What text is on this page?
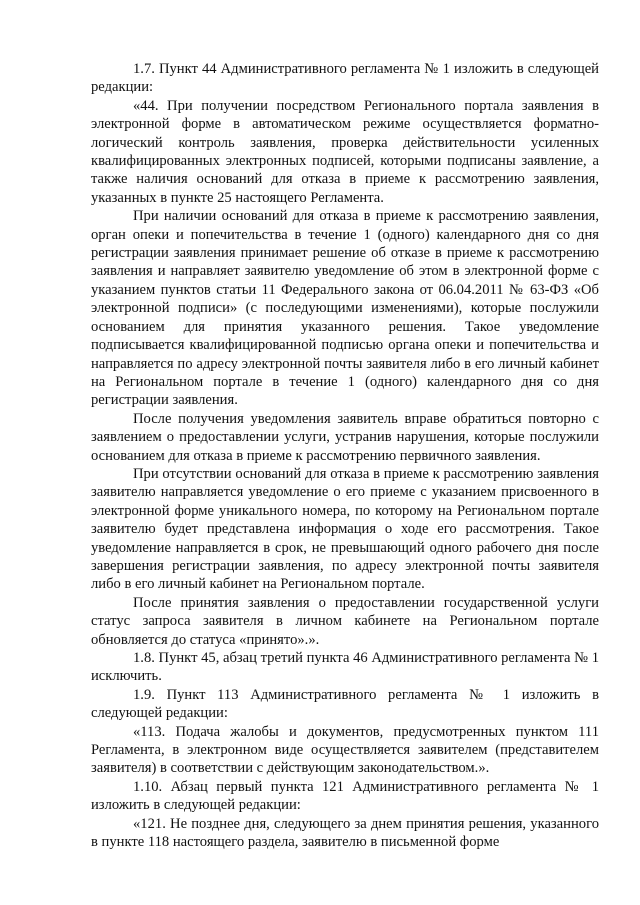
1.7. Пункт 44 Административного регламента № 1 изложить в следующей редакции:

«44. При получении посредством Регионального портала заявления в электронной форме в автоматическом режиме осуществляется форматно-логический контроль заявления, проверка действительности усиленных квалифицированных электронных подписей, которыми подписаны заявление, а также наличия оснований для отказа в приеме к рассмотрению заявления, указанных в пункте 25 настоящего Регламента.

При наличии оснований для отказа в приеме к рассмотрению заявления, орган опеки и попечительства в течение 1 (одного) календарного дня со дня регистрации заявления принимает решение об отказе в приеме к рассмотрению заявления и направляет заявителю уведомление об этом в электронной форме с указанием пунктов статьи 11 Федерального закона от 06.04.2011 № 63-ФЗ «Об электронной подписи» (с последующими изменениями), которые послужили основанием для принятия указанного решения. Такое уведомление подписывается квалифицированной подписью органа опеки и попечительства и направляется по адресу электронной почты заявителя либо в его личный кабинет на Региональном портале в течение 1 (одного) календарного дня со дня регистрации заявления.

После получения уведомления заявитель вправе обратиться повторно с заявлением о предоставлении услуги, устранив нарушения, которые послужили основанием для отказа в приеме к рассмотрению первичного заявления.

При отсутствии оснований для отказа в приеме к рассмотрению заявления заявителю направляется уведомление о его приеме с указанием присвоенного в электронной форме уникального номера, по которому на Региональном портале заявителю будет представлена информация о ходе его рассмотрения. Такое уведомление направляется в срок, не превышающий одного рабочего дня после завершения регистрации заявления, по адресу электронной почты заявителя либо в его личный кабинет на Региональном портале.

После принятия заявления о предоставлении государственной услуги статус запроса заявителя в личном кабинете на Региональном портале обновляется до статуса «принято».».

1.8. Пункт 45, абзац третий пункта 46 Административного регламента № 1 исключить.

1.9. Пункт 113 Административного регламента № 1 изложить в следующей редакции:

«113. Подача жалобы и документов, предусмотренных пунктом 111 Регламента, в электронном виде осуществляется заявителем (представителем заявителя) в соответствии с действующим законодательством.».

1.10. Абзац первый пункта 121 Административного регламента № 1 изложить в следующей редакции:

«121. Не позднее дня, следующего за днем принятия решения, указанного в пункте 118 настоящего раздела, заявителю в письменной форме
